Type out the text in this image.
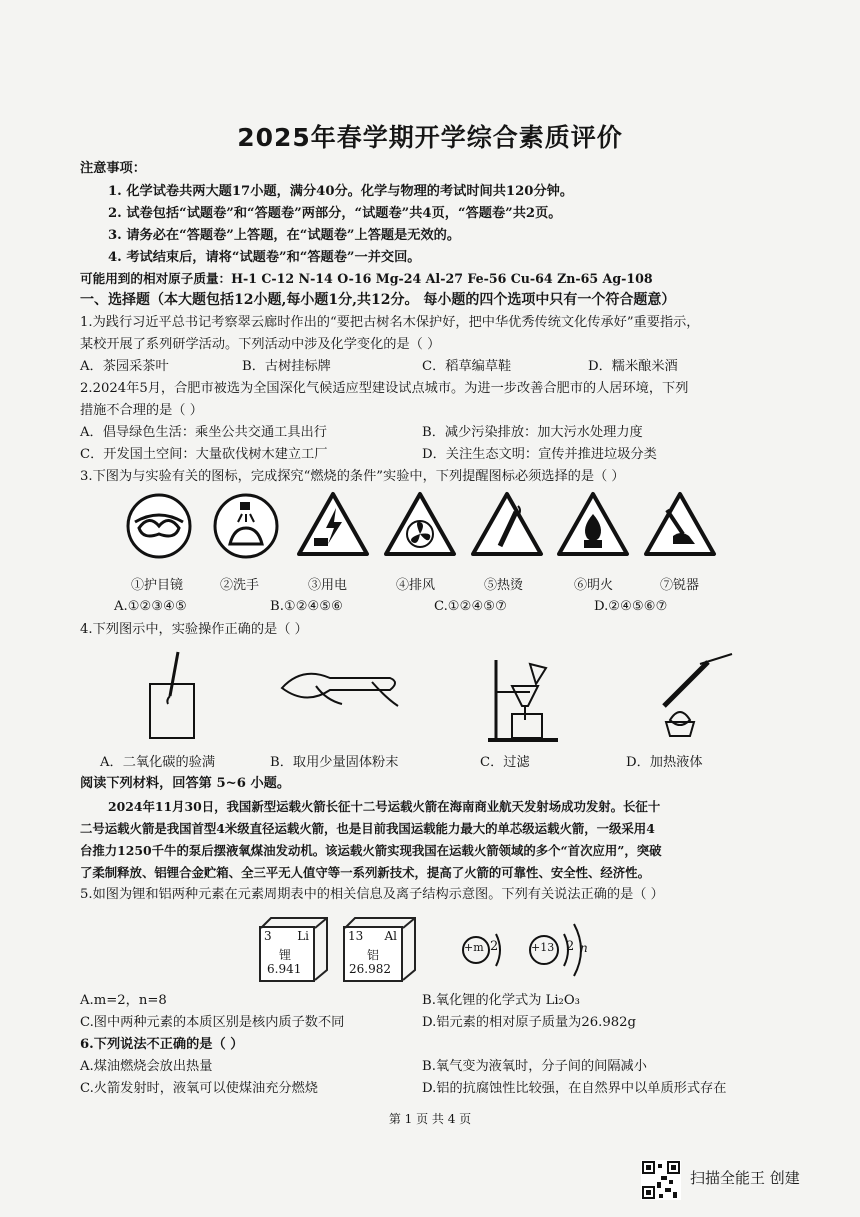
2025年春学期开学综合素质评价
注意事项：
1. 化学试卷共两大题17小题，满分40分。化学与物理的考试时间共120分钟。
2. 试卷包括“试题卷”和“答题卷”两部分，“试题卷”共4页，“答题卷”共2页。
3. 请务必在“答题卷”上答题，在“试题卷”上答题是无效的。
4. 考试结束后，请将“试题卷”和“答题卷”一并交回。
可能用到的相对原子质量：H-1 C-12 N-14 O-16 Mg-24 Al-27 Fe-56 Cu-64 Zn-65 Ag-108
一、选择题（本大题包括12小题,每小题1分,共12分。 每小题的四个选项中只有一个符合题意）
1.为践行习近平总书记考察翠云廊时作出的“要把古树名木保护好，把中华优秀传统文化传承好”重要指示，
某校开展了系列研学活动。下列活动中涉及化学变化的是（ ）
A．茶园采茶叶	B．古树挂标牌	C．稻草编草鞋	D．糯米酿米酒
2.2024年5月，合肥市被选为全国深化气候适应型建设试点城市。为进一步改善合肥市的人居环境，下列
措施不合理的是（ ）
A．倡导绿色生活：乘坐公共交通工具出行	B．减少污染排放：加大污水处理力度
C．开发国土空间：大量砍伐树木建立工厂	D．关注生态文明：宣传并推进垃圾分类
3.下图为与实验有关的图标，完成探究“燃烧的条件”实验中，下列提醒图标必须选择的是（ ）
①护目镜	②洗手	③用电	④排风	⑤热烫	⑥明火	⑦锐器
A.①②③④⑤	B.①②④⑤⑥	C.①②④⑤⑦	D.②④⑤⑥⑦
4.下列图示中，实验操作正确的是（ ）
A．二氧化碳的验满	B．取用少量固体粉末	C．过滤	D．加热液体
阅读下列材料，回答第 5~6 小题。
2024年11月30日，我国新型运载火箭长征十二号运载火箭在海南商业航天发射场成功发射。长征十
二号运载火箭是我国首型4米级直径运载火箭，也是目前我国运载能力最大的单芯级运载火箭，一级采用4
台推力1250千牛的泵后摆液氧煤油发动机。该运载火箭实现我国在运载火箭领域的多个“首次应用”，突破
了柔制释放、铝锂合金贮箱、全三平无人值守等一系列新技术，提高了火箭的可靠性、安全性、经济性。
5.如图为锂和铝两种元素在元素周期表中的相关信息及离子结构示意图。下列有关说法正确的是（ ）
3 Li
锂
6.941
13 Al
铝
26.982
+m 2	+13 2 n
A.m=2，n=8	B.氧化锂的化学式为 Li₂O₃
C.图中两种元素的本质区别是核内质子数不同	D.铝元素的相对原子质量为26.982g
6.下列说法不正确的是（ ）
A.煤油燃烧会放出热量	B.氧气变为液氧时，分子间的间隔减小
C.火箭发射时，液氧可以使煤油充分燃烧	D.铝的抗腐蚀性比较强，在自然界中以单质形式存在
第 1 页 共 4 页
扫描全能王 创建
